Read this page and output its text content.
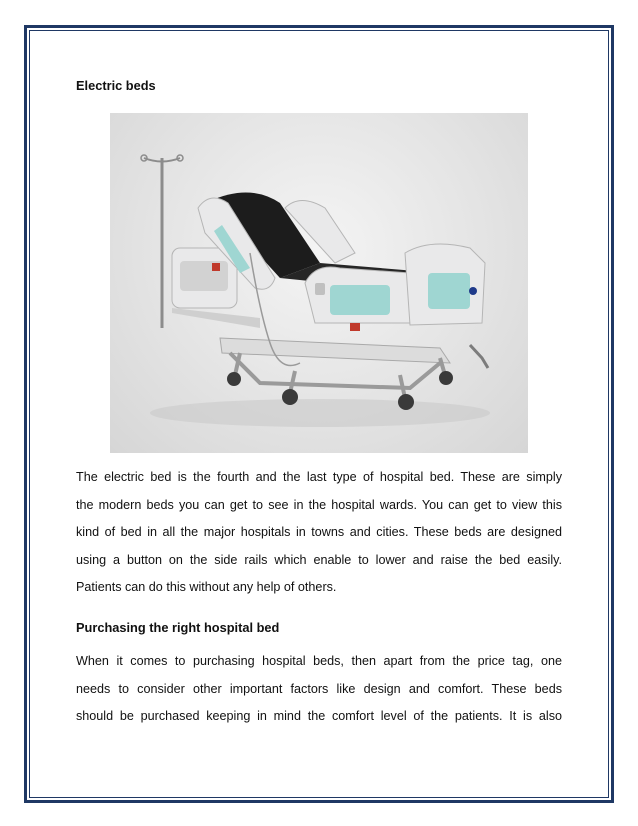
Electric beds
The electric bed is the fourth and the last type of hospital bed. These are simply
the modern beds you can get to see in the hospital wards. You can get to view this
kind of bed in all the major hospitals in towns and cities. These beds are designed
using a button on the side rails which enable to lower and raise the bed easily.
Patients can do this without any help of others.
Purchasing the right hospital bed
When it comes to purchasing hospital beds, then apart from the price tag, one
needs to consider other important factors like design and comfort. These beds
should be purchased keeping in mind the comfort level of the patients. It is also
